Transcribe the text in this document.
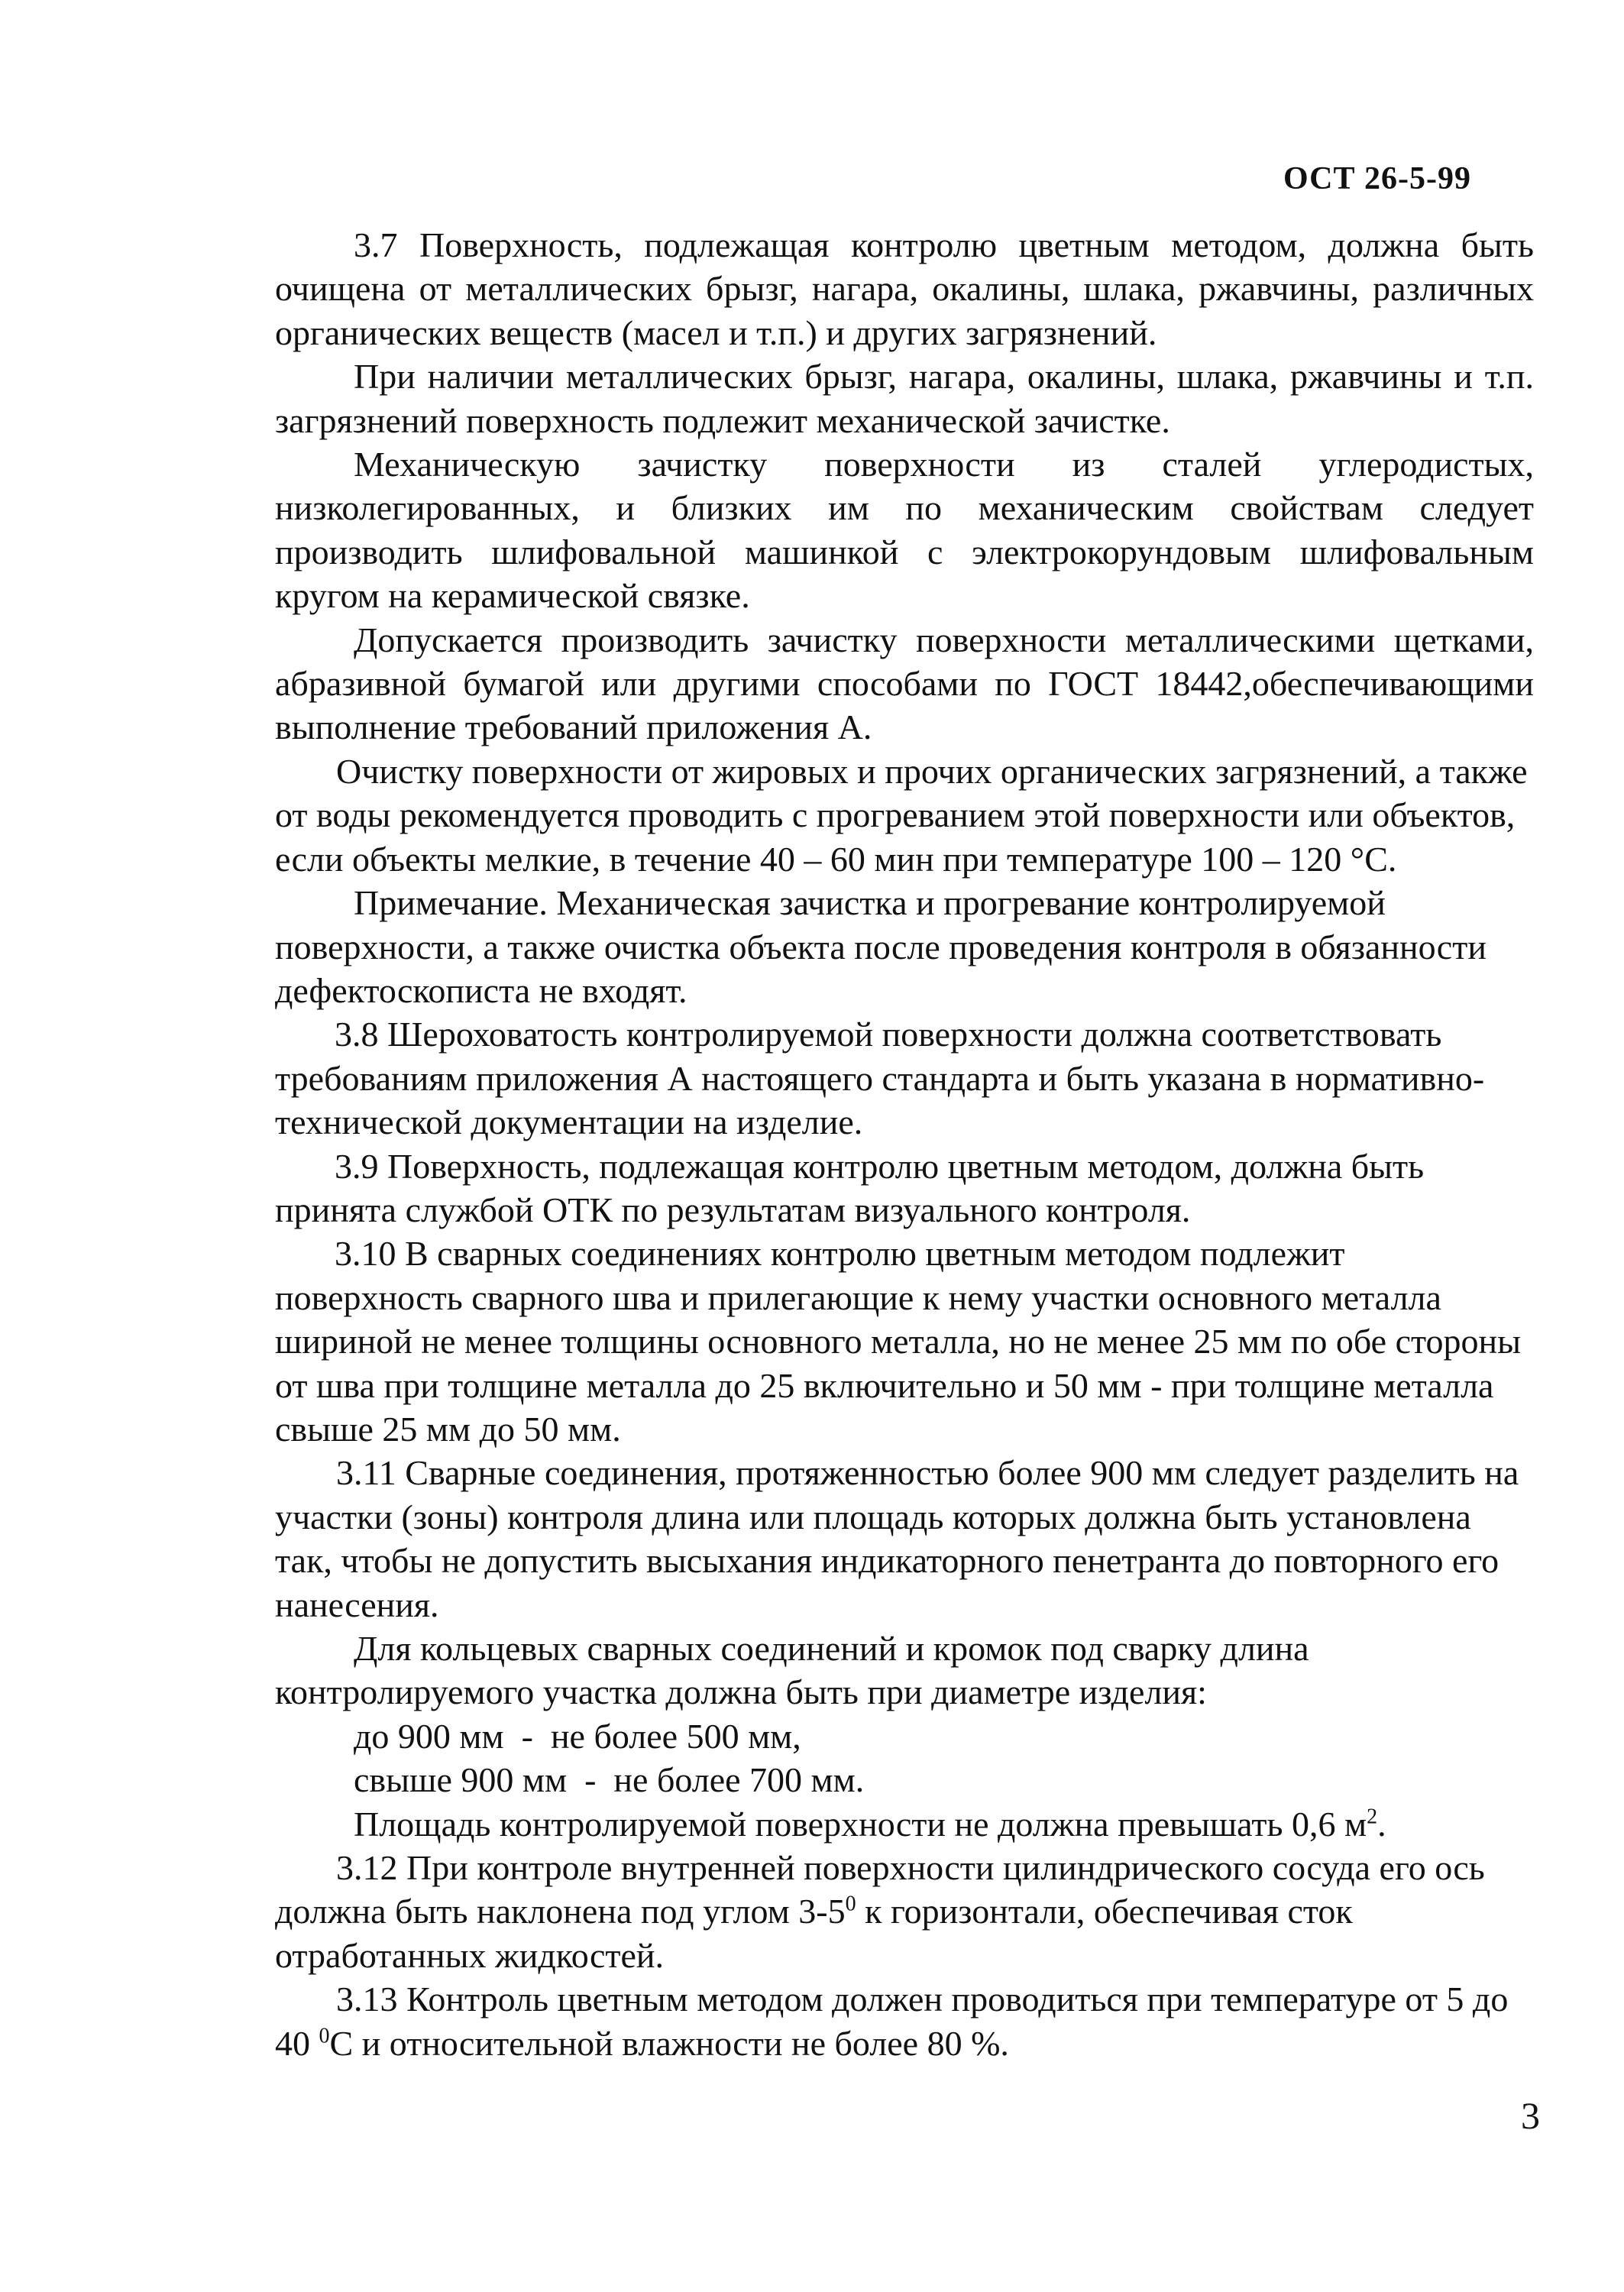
ОСТ 26-5-99

3.7 Поверхность, подлежащая контролю цветным методом, должна быть очищена от металлических брызг, нагара, окалины, шлака, ржавчины, различных органических веществ (масел и т.п.) и других загрязнений.

При наличии металлических брызг, нагара, окалины, шлака, ржавчины и т.п. загрязнений поверхность подлежит механической зачистке.

Механическую зачистку поверхности из сталей углеродистых, низколегированных, и близких им по механическим свойствам следует производить шлифовальной машинкой с электрокорундовым шлифовальным кругом на керамической связке.

Допускается производить зачистку поверхности металлическими щетками, абразивной бумагой или другими способами по ГОСТ 18442,обеспечивающими выполнение требований приложения А.

Очистку поверхности от жировых и прочих органических загрязнений, а также от воды рекомендуется проводить с прогреванием этой поверхности или объектов, если объекты мелкие, в течение 40 – 60 мин при температуре 100 – 120 °С.

Примечание. Механическая зачистка и прогревание контролируемой поверхности, а также очистка объекта после проведения контроля в обязанности дефектоскописта не входят.

3.8 Шероховатость контролируемой поверхности должна соответствовать требованиям приложения А настоящего стандарта и быть указана в нормативно-технической документации на изделие.

3.9 Поверхность, подлежащая контролю цветным методом, должна быть принята службой ОТК по результатам визуального контроля.

3.10 В сварных соединениях контролю цветным методом подлежит поверхность сварного шва и прилегающие к нему участки основного металла шириной не менее толщины основного металла, но не менее 25 мм по обе стороны от шва при толщине металла до 25 включительно и 50 мм - при толщине металла свыше 25 мм до 50 мм.

3.11 Сварные соединения, протяженностью более 900 мм следует разделить на участки (зоны) контроля длина или площадь которых должна быть установлена так, чтобы не допустить высыхания индикаторного пенетранта до повторного его нанесения.

Для кольцевых сварных соединений и кромок под сварку длина контролируемого участка должна быть при диаметре изделия:

до 900 мм  -  не более 500 мм,
свыше 900 мм  -  не более 700 мм.

Площадь контролируемой поверхности не должна превышать 0,6 $м^2$.

3.12 При контроле внутренней поверхности цилиндрического сосуда его ось должна быть наклонена под углом $3-5^0$ к горизонтали, обеспечивая сток отработанных жидкостей.

3.13 Контроль цветным методом должен проводиться при температуре от 5 до 40 $^0$С и относительной влажности не более 80 %.

3
